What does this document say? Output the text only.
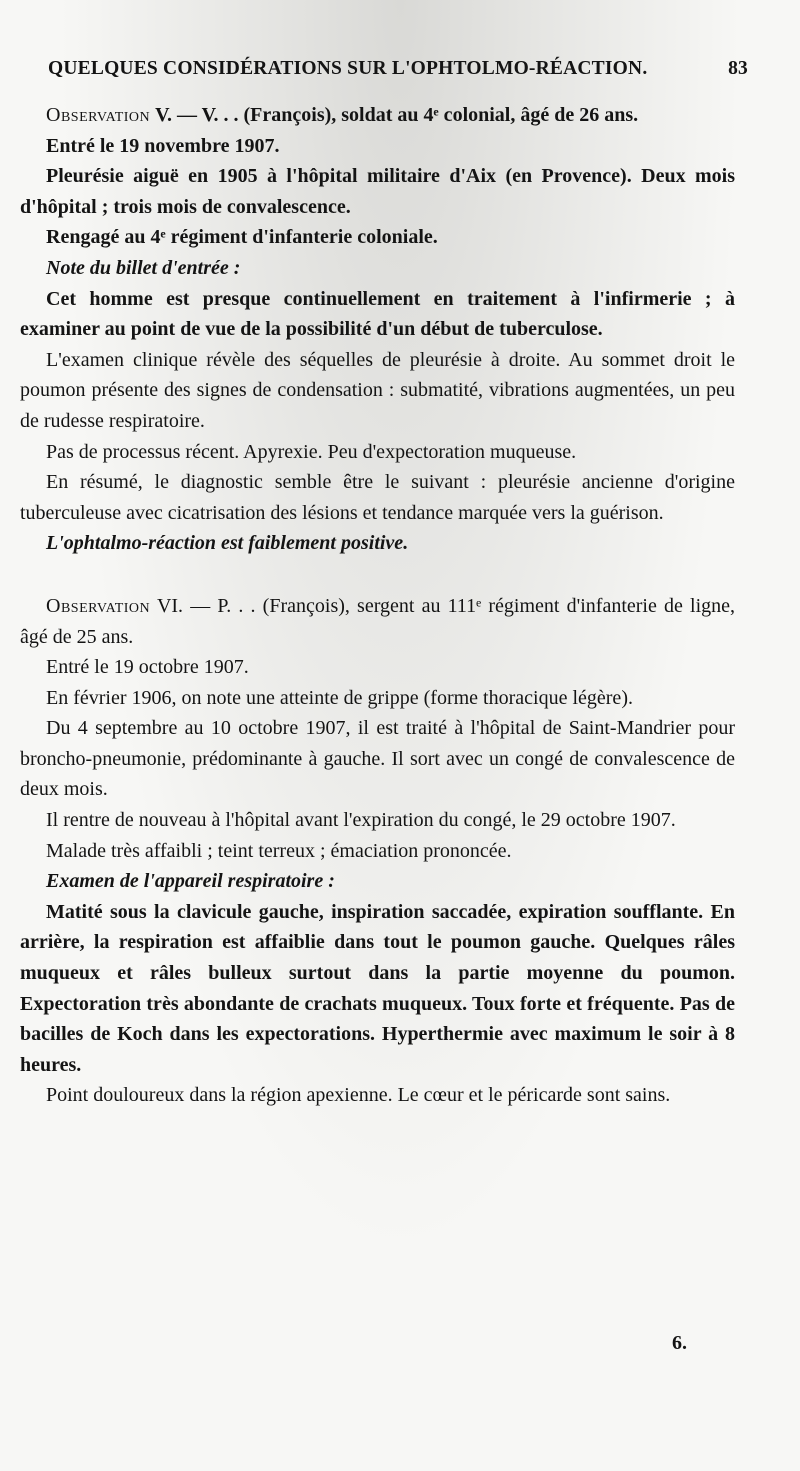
QUELQUES CONSIDÉRATIONS SUR L'OPHTOLMO-RÉACTION.	83

Observation V. — V. . . (François), soldat au 4ᵉ colonial, âgé de 26 ans.

Entré le 19 novembre 1907.

Pleurésie aiguë en 1905 à l'hôpital militaire d'Aix (en Provence). Deux mois d'hôpital ; trois mois de convalescence.

Rengagé au 4ᵉ régiment d'infanterie coloniale.

Note du billet d'entrée :

Cet homme est presque continuellement en traitement à l'infirmerie ; à examiner au point de vue de la possibilité d'un début de tuberculose.

L'examen clinique révèle des séquelles de pleurésie à droite. Au sommet droit le poumon présente des signes de condensation : submatité, vibrations augmentées, un peu de rudesse respiratoire.

Pas de processus récent. Apyrexie. Peu d'expectoration muqueuse.

En résumé, le diagnostic semble être le suivant : pleurésie ancienne d'origine tuberculeuse avec cicatrisation des lésions et tendance marquée vers la guérison.

L'ophtalmo-réaction est faiblement positive.

Observation VI. — P. . . (François), sergent au 111ᵉ régiment d'infanterie de ligne, âgé de 25 ans.

Entré le 19 octobre 1907.

En février 1906, on note une atteinte de grippe (forme thoracique légère).

Du 4 septembre au 10 octobre 1907, il est traité à l'hôpital de Saint-Mandrier pour broncho-pneumonie, prédominante à gauche. Il sort avec un congé de convalescence de deux mois.

Il rentre de nouveau à l'hôpital avant l'expiration du congé, le 29 octobre 1907.

Malade très affaibli ; teint terreux ; émaciation prononcée.

Examen de l'appareil respiratoire :

Matité sous la clavicule gauche, inspiration saccadée, expiration soufflante. En arrière, la respiration est affaiblie dans tout le poumon gauche. Quelques râles muqueux et râles bulleux surtout dans la partie moyenne du poumon. Expectoration très abondante de crachats muqueux. Toux forte et fréquente. Pas de bacilles de Koch dans les expectorations. Hyperthermie avec maximum le soir à 8 heures.

Point douloureux dans la région apexienne. Le cœur et le péricarde sont sains.

6.
